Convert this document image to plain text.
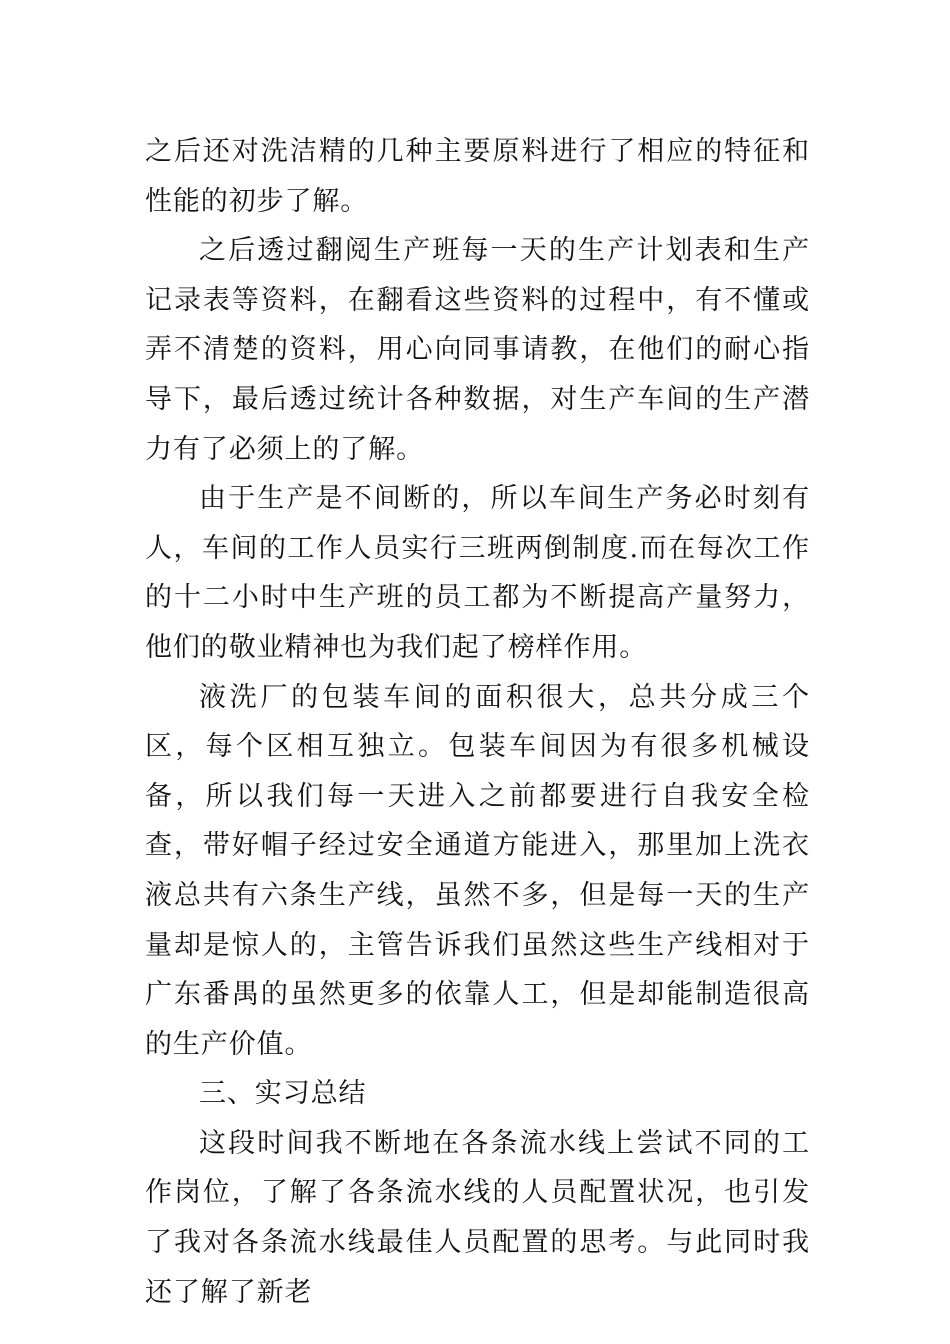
之后还对洗洁精的几种主要原料进行了相应的特征和性能的初步了解。

之后透过翻阅生产班每一天的生产计划表和生产记录表等资料，在翻看这些资料的过程中，有不懂或弄不清楚的资料，用心向同事请教，在他们的耐心指导下，最后透过统计各种数据，对生产车间的生产潜力有了必须上的了解。

由于生产是不间断的，所以车间生产务必时刻有人，车间的工作人员实行三班两倒制度.而在每次工作的十二小时中生产班的员工都为不断提高产量努力，他们的敬业精神也为我们起了榜样作用。

液洗厂的包装车间的面积很大，总共分成三个区，每个区相互独立。包装车间因为有很多机械设备，所以我们每一天进入之前都要进行自我安全检查，带好帽子经过安全通道方能进入，那里加上洗衣液总共有六条生产线，虽然不多，但是每一天的生产量却是惊人的，主管告诉我们虽然这些生产线相对于广东番禺的虽然更多的依靠人工，但是却能制造很高的生产价值。

三、实习总结

这段时间我不断地在各条流水线上尝试不同的工作岗位，了解了各条流水线的人员配置状况，也引发了我对各条流水线最佳人员配置的思考。与此同时我还了解了新老
